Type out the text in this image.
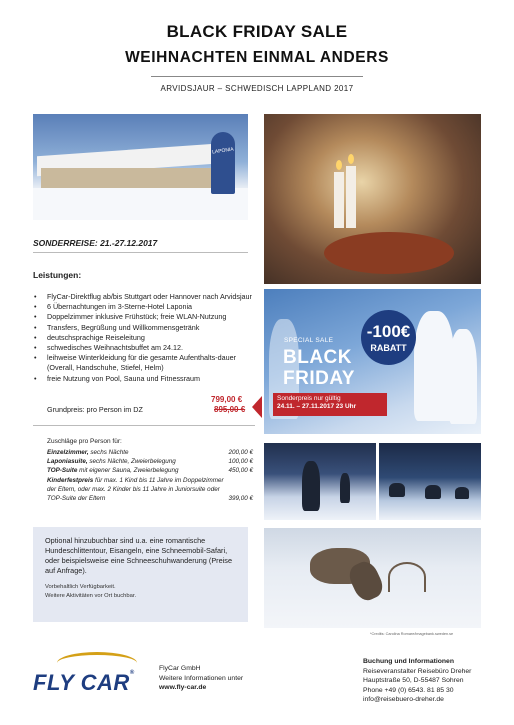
BLACK FRIDAY SALE
WEIHNACHTEN EINMAL ANDERS
ARVIDSJAUR – SCHWEDISCH LAPPLAND 2017
LAPONIA
SPECIAL SALE
BLACK
FRIDAY
-100€
RABATT
Sonderpreis nur gültig
24.11. – 27.11.2017 23 Uhr
SONDERREISE: 21.-27.12.2017
Leistungen:
• FlyCar-Direktflug ab/bis Stuttgart oder Hannover nach Arvidsjaur
• 6 Übernachtungen im 3-Sterne-Hotel Laponia
• Doppelzimmer inklusive Frühstück; freie WLAN-Nutzung
• Transfers, Begrüßung und Willkommensgetränk
• deutschsprachige Reiseleitung
• schwedisches Weihnachtsbuffet am 24.12.
• leihweise Winterkleidung für die gesamte Aufenthalts-dauer (Overall, Handschuhe, Stiefel, Helm)
• freie Nutzung von Pool, Sauna und Fitnessraum
Grundpreis: pro Person im DZ
799,00 €
895,00 €
Zuschläge pro Person für:
Einzelzimmer, sechs Nächte	200,00 €
Laponiasuite, sechs Nächte, Zweierbelegung	100,00 €
TOP-Suite mit eigener Sauna, Zweierbelegung	450,00 €
Kinderfestpreis für max. 1 Kind bis 11 Jahre im Doppelzimmer der Eltern, oder max. 2 Kinder bis 11 Jahre in Juniorsuite oder TOP-Suite der Eltern	399,00 €
Optional hinzubuchbar sind u.a. eine romantische Hundeschlittentour, Eisangeln, eine Schneemobil-Safari, oder beispielsweise eine Schneeschuhwanderung (Preise auf Anfrage).
Vorbehaltlich Verfügbarkeit.
Weitere Aktivitäten vor Ort buchbar.
*Credits: Carolina Romare/imagebank.sweden.se
FLY CAR®
FlyCar GmbH
Weitere Informationen unter
www.fly-car.de
Buchung und Informationen
Reiseveranstalter Reisebüro Dreher
Hauptstraße 50, D-55487 Sohren
Phone +49 (0) 6543. 81 85 30
info@reisebuero-dreher.de
